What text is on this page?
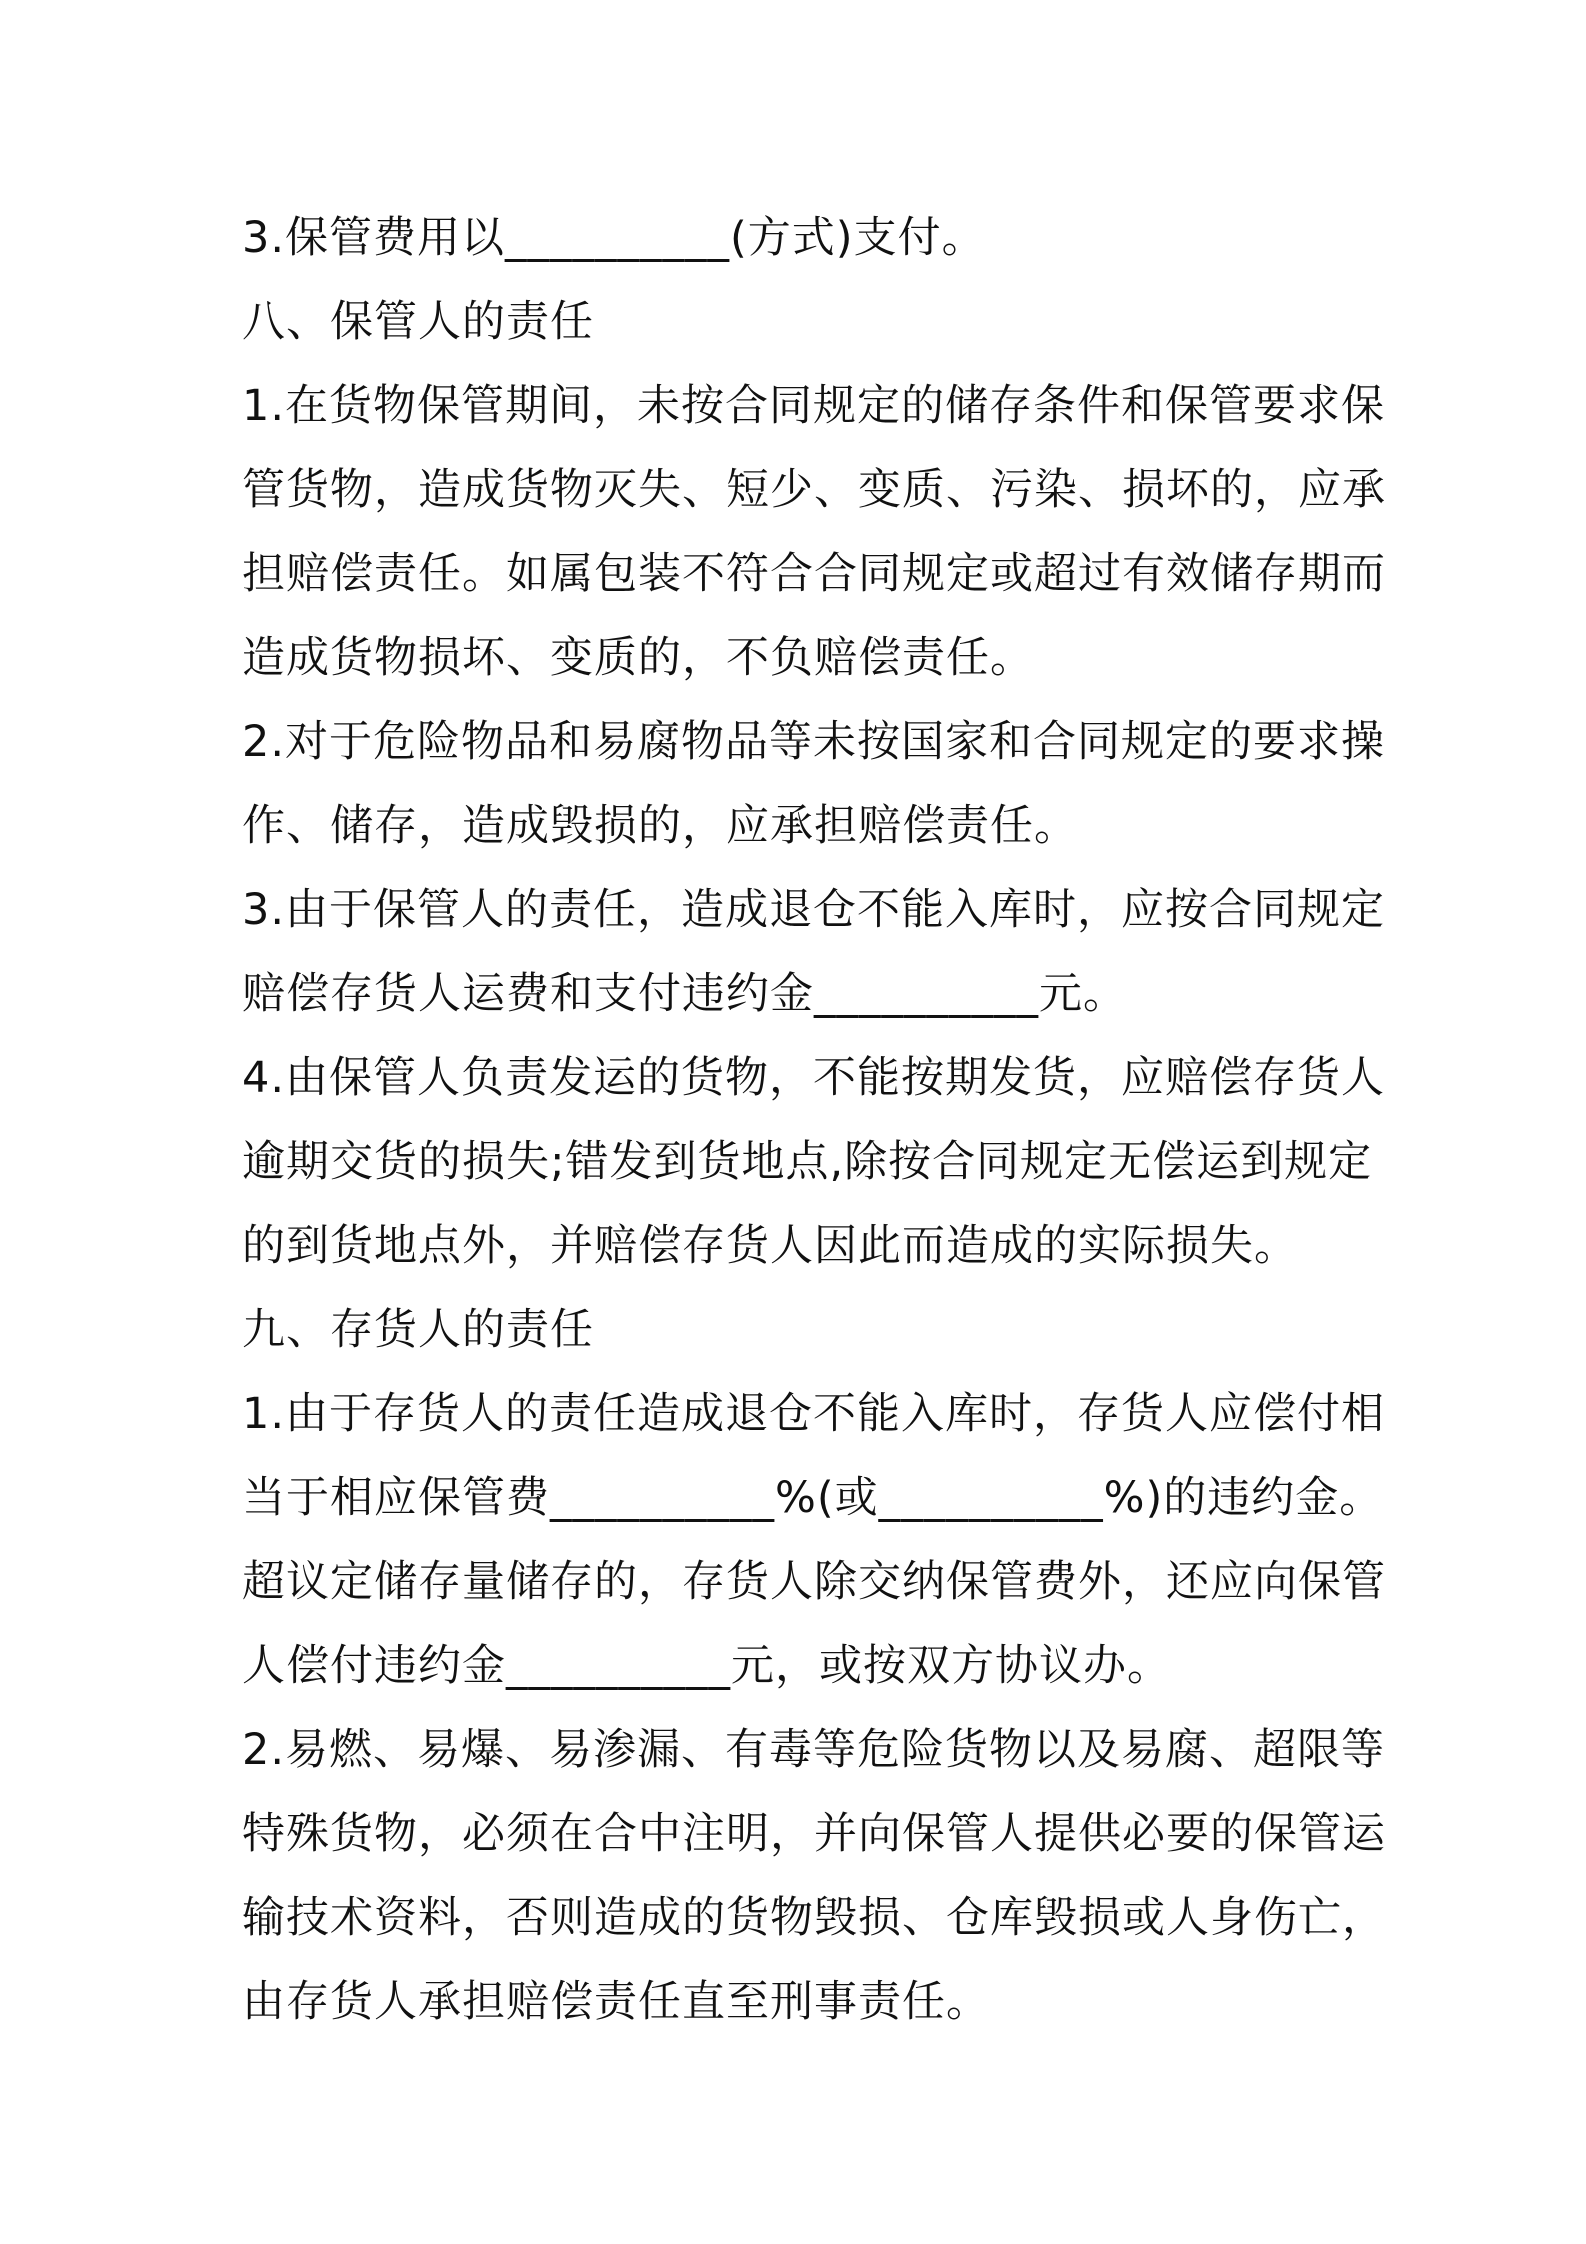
3.保管费用以__________(方式)支付。
八、保管人的责任
1.在货物保管期间，未按合同规定的储存条件和保管要求保
管货物，造成货物灭失、短少、变质、污染、损坏的，应承
担赔偿责任。如属包装不符合合同规定或超过有效储存期而
造成货物损坏、变质的，不负赔偿责任。
2.对于危险物品和易腐物品等未按国家和合同规定的要求操
作、储存，造成毁损的，应承担赔偿责任。
3.由于保管人的责任，造成退仓不能入库时，应按合同规定
赔偿存货人运费和支付违约金__________元。
4.由保管人负责发运的货物，不能按期发货，应赔偿存货人
逾期交货的损失;错发到货地点,除按合同规定无偿运到规定
的到货地点外，并赔偿存货人因此而造成的实际损失。
九、存货人的责任
1.由于存货人的责任造成退仓不能入库时，存货人应偿付相
当于相应保管费__________%(或__________%)的违约金。
超议定储存量储存的，存货人除交纳保管费外，还应向保管
人偿付违约金__________元，或按双方协议办。
2.易燃、易爆、易渗漏、有毒等危险货物以及易腐、超限等
特殊货物，必须在合中注明，并向保管人提供必要的保管运
输技术资料，否则造成的货物毁损、仓库毁损或人身伤亡，
由存货人承担赔偿责任直至刑事责任。
